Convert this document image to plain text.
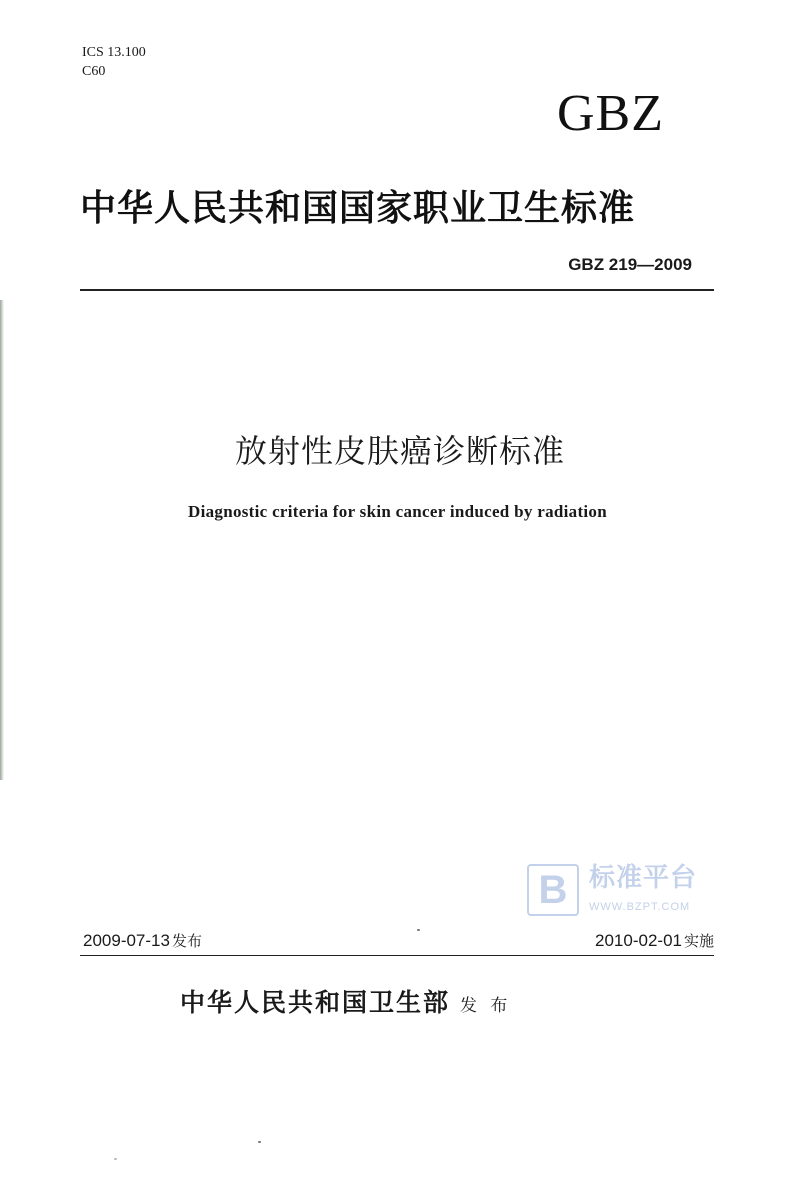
ICS 13.100
C60
GBZ
中华人民共和国国家职业卫生标准
GBZ 219—2009
放射性皮肤癌诊断标准
Diagnostic criteria for skin cancer induced by radiation
B 标准平台
WWW.BZPT.COM
2009-07-13 发布	2010-02-01 实施
中华人民共和国卫生部 发 布
